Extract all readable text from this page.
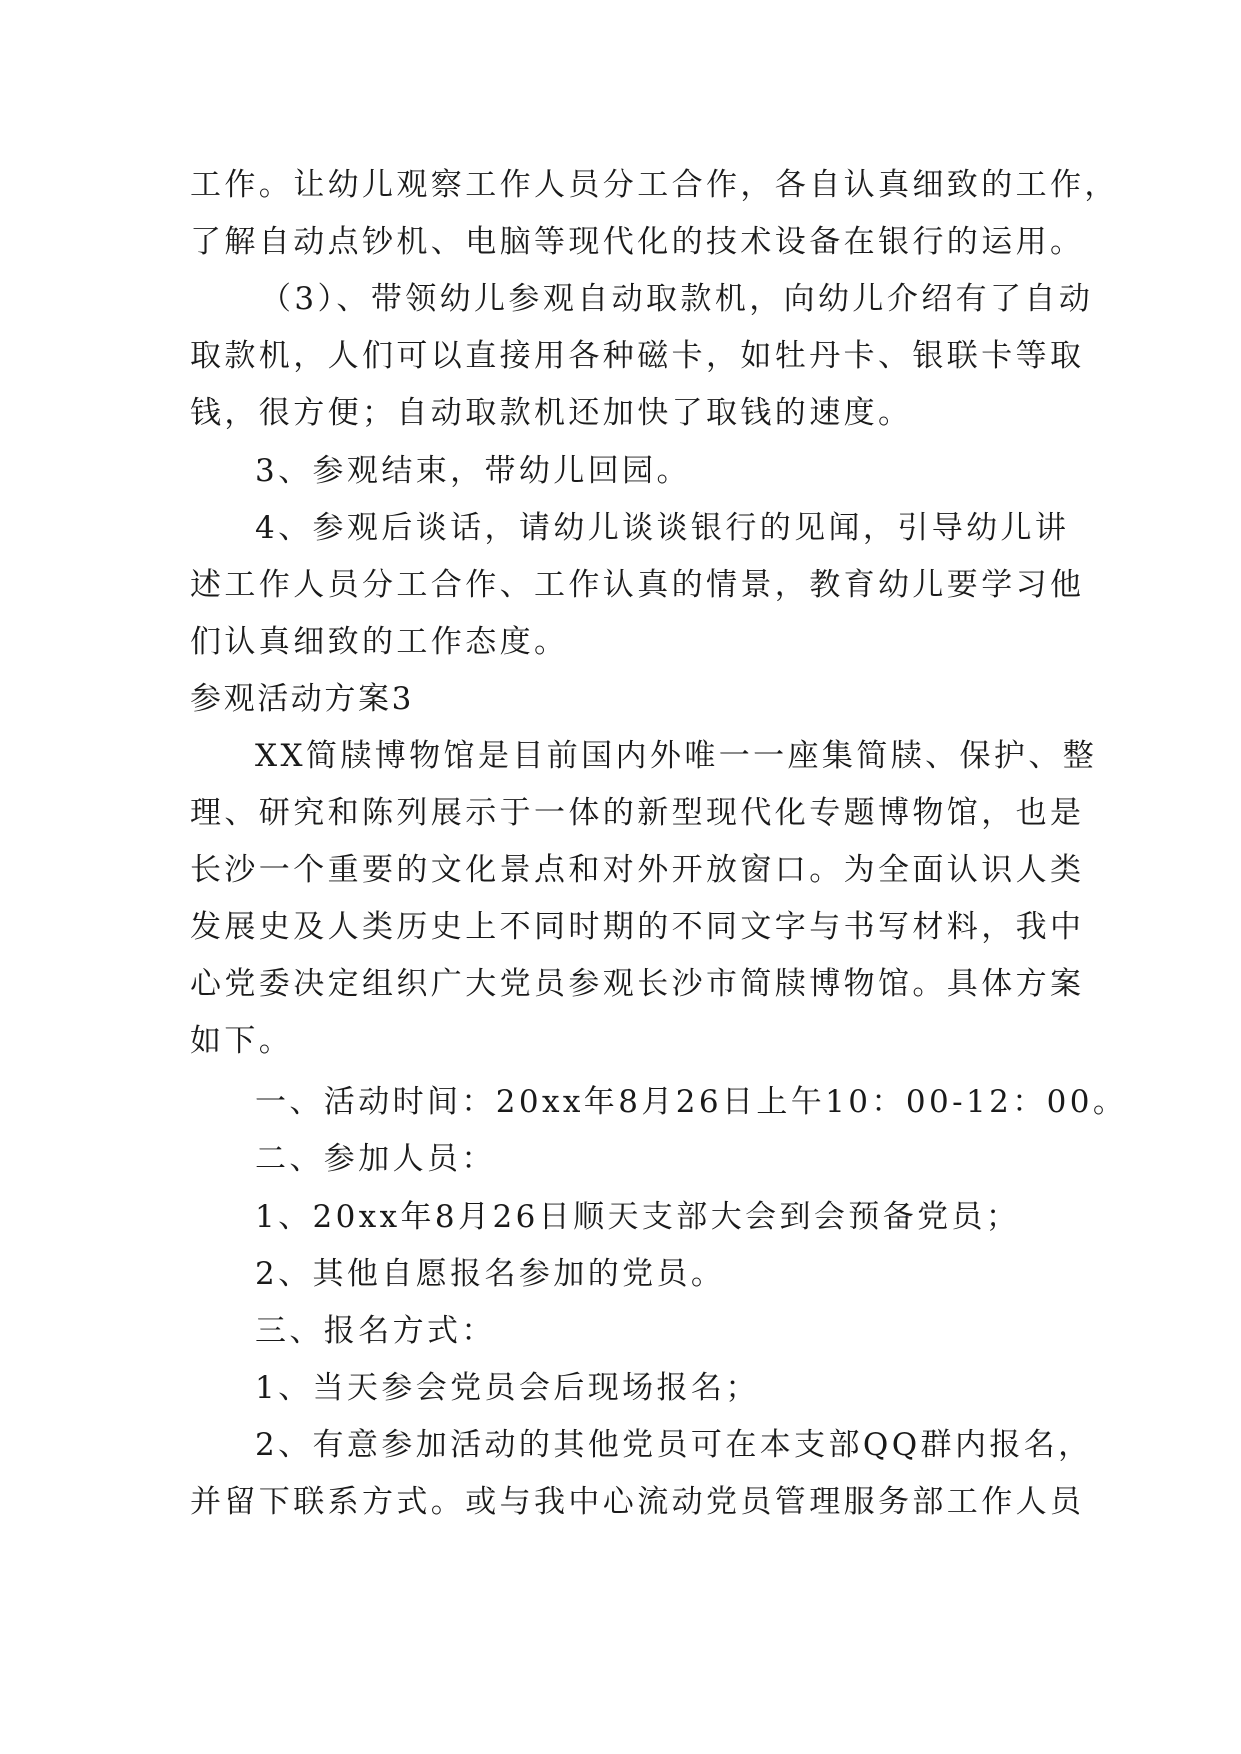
工作。让幼儿观察工作人员分工合作，各自认真细致的工作，
了解自动点钞机、电脑等现代化的技术设备在银行的运用。
（3）、带领幼儿参观自动取款机，向幼儿介绍有了自动
取款机，人们可以直接用各种磁卡，如牡丹卡、银联卡等取
钱，很方便；自动取款机还加快了取钱的速度。
3、参观结束，带幼儿回园。
4、参观后谈话，请幼儿谈谈银行的见闻，引导幼儿讲
述工作人员分工合作、工作认真的情景，教育幼儿要学习他
们认真细致的工作态度。
参观活动方案3
XX简牍博物馆是目前国内外唯一一座集简牍、保护、整
理、研究和陈列展示于一体的新型现代化专题博物馆，也是
长沙一个重要的文化景点和对外开放窗口。为全面认识人类
发展史及人类历史上不同时期的不同文字与书写材料，我中
心党委决定组织广大党员参观长沙市简牍博物馆。具体方案
如下。
一、活动时间：20xx年8月26日上午10：00-12：00。
二、参加人员：
1、20xx年8月26日顺天支部大会到会预备党员；
2、其他自愿报名参加的党员。
三、报名方式：
1、当天参会党员会后现场报名；
2、有意参加活动的其他党员可在本支部QQ群内报名，
并留下联系方式。或与我中心流动党员管理服务部工作人员
